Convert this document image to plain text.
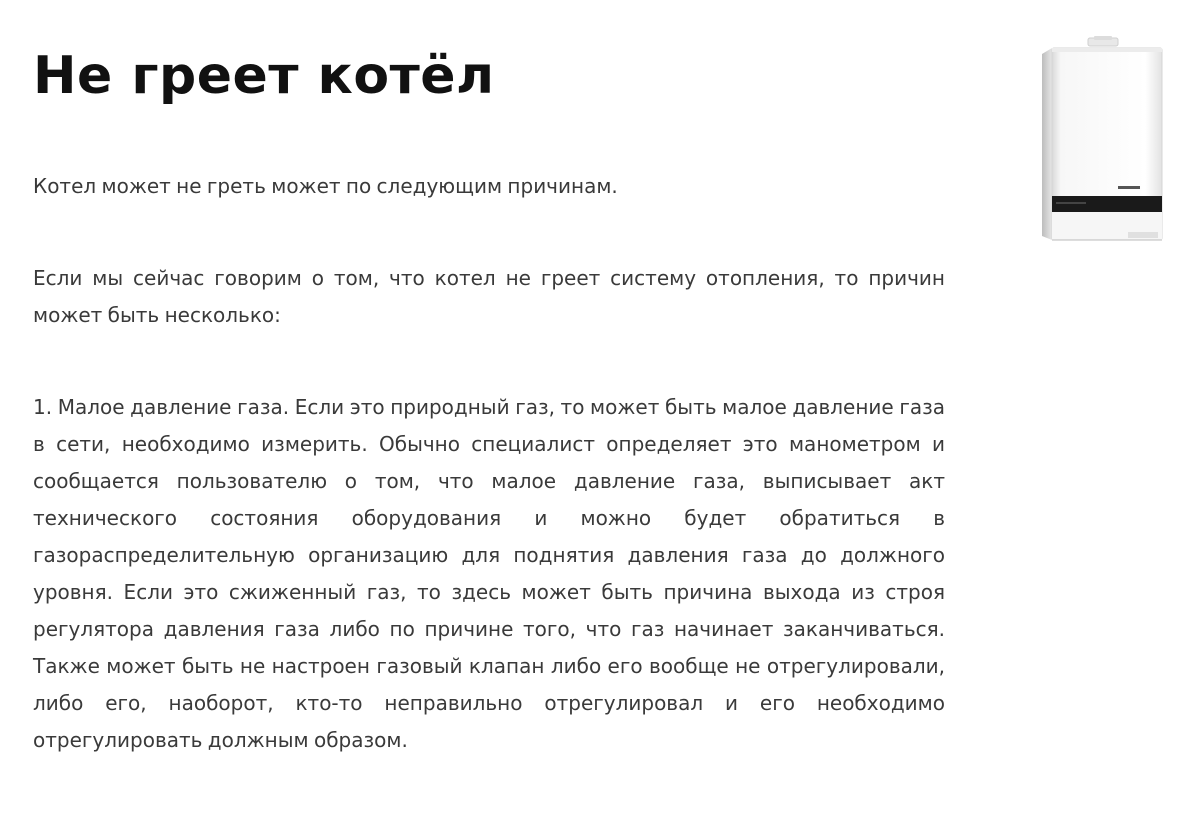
Не греет котёл

Котел может не греть может по следующим причинам.

Если мы сейчас говорим о том, что котел не греет систему отопления, то причин может быть несколько:

1. Малое давление газа. Если это природный газ, то может быть малое давление газа в сети, необходимо измерить. Обычно специалист определяет это манометром и сообщается пользователю о том, что малое давление газа, выписывает акт технического состояния оборудования и можно будет обратиться в газораспределительную организацию для поднятия давления газа до должного уровня. Если это сжиженный газ, то здесь может быть причина выхода из строя регулятора давления газа либо по причине того, что газ начинает заканчиваться. Также может быть не настроен газовый клапан либо его вообще не отрегулировали, либо его, наоборот, кто-то неправильно отрегулировал и его необходимо отрегулировать должным образом.
